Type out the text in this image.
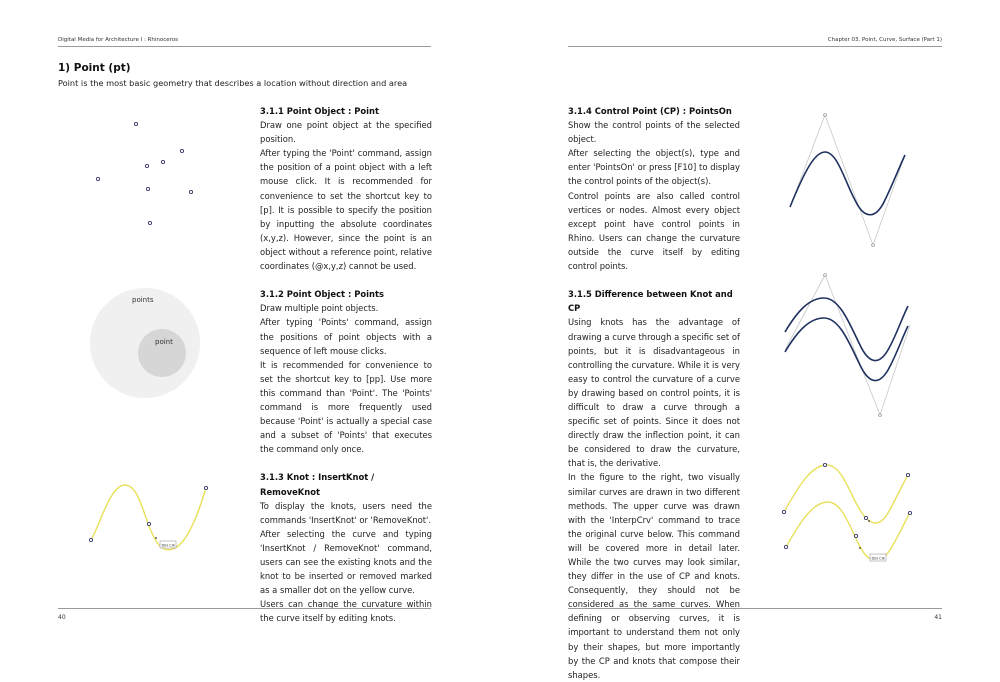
Digital Media for Architecture I : Rhinoceros	Chapter 03. Point, Curve, Surface (Part 1)
1) Point (pt)
Point is the most basic geometry that describes a location without direction and area
3.1.1 Point Object : Point

Draw one point object at the specified position.

After typing the 'Point' command, assign the position of a point object with a left mouse click. It is recommended for convenience to set the shortcut key to [p]. It is possible to specify the position by inputting the absolute coordinates (x,y,z). However, since the point is an object without a reference point, relative coordinates (@x,y,z) cannot be used.

3.1.2 Point Object : Points

Draw multiple point objects.

After typing 'Points' command, assign the positions of point objects with a sequence of left mouse clicks.

It is recommended for convenience to set the shortcut key to [pp]. Use more this command than 'Point'. The 'Points' command is more frequently used because 'Point' is actually a special case and a subset of 'Points' that executes the command only once.

3.1.3 Knot : InsertKnot / RemoveKnot

To display the knots, users need the commands 'InsertKnot' or 'RemoveKnot'.

After selecting the curve and typing 'InsertKnot / RemoveKnot' command, users can see the existing knots and the knot to be inserted or removed marked as a smaller dot on the yellow curve.

Users can change the curvature within the curve itself by editing knots.

3.1.4 Control Point (CP) : PointsOn

Show the control points of the selected object.

After selecting the object(s), type and enter 'PointsOn' or press [F10] to display the control points of the object(s).

Control points are also called control vertices or nodes. Almost every object except point have control points in Rhino. Users can change the curvature outside the curve itself by editing control points.

3.1.5 Difference between Knot and CP

Using knots has the advantage of drawing a curve through a specific set of points, but it is disadvantageous in controlling the curvature. While it is very easy to control the curvature of a curve by drawing based on control points, it is difficult to draw a curve through a specific set of points. Since it does not directly draw the inflection point, it can be considered to draw the curvature, that is, the derivative.

In the figure to the right, two visually similar curves are drawn in two different methods. The upper curve was drawn with the 'InterpCrv' command to trace the original curve below. This command will be covered more in detail later. While the two curves may look similar, they differ in the use of CP and knots. Consequently, they should not be considered as the same curves. When defining or observing curves, it is important to understand them not only by their shapes, but more importantly by the CP and knots that compose their shapes.

points
point
Dbl Clk
Dbl Clk
40	41
